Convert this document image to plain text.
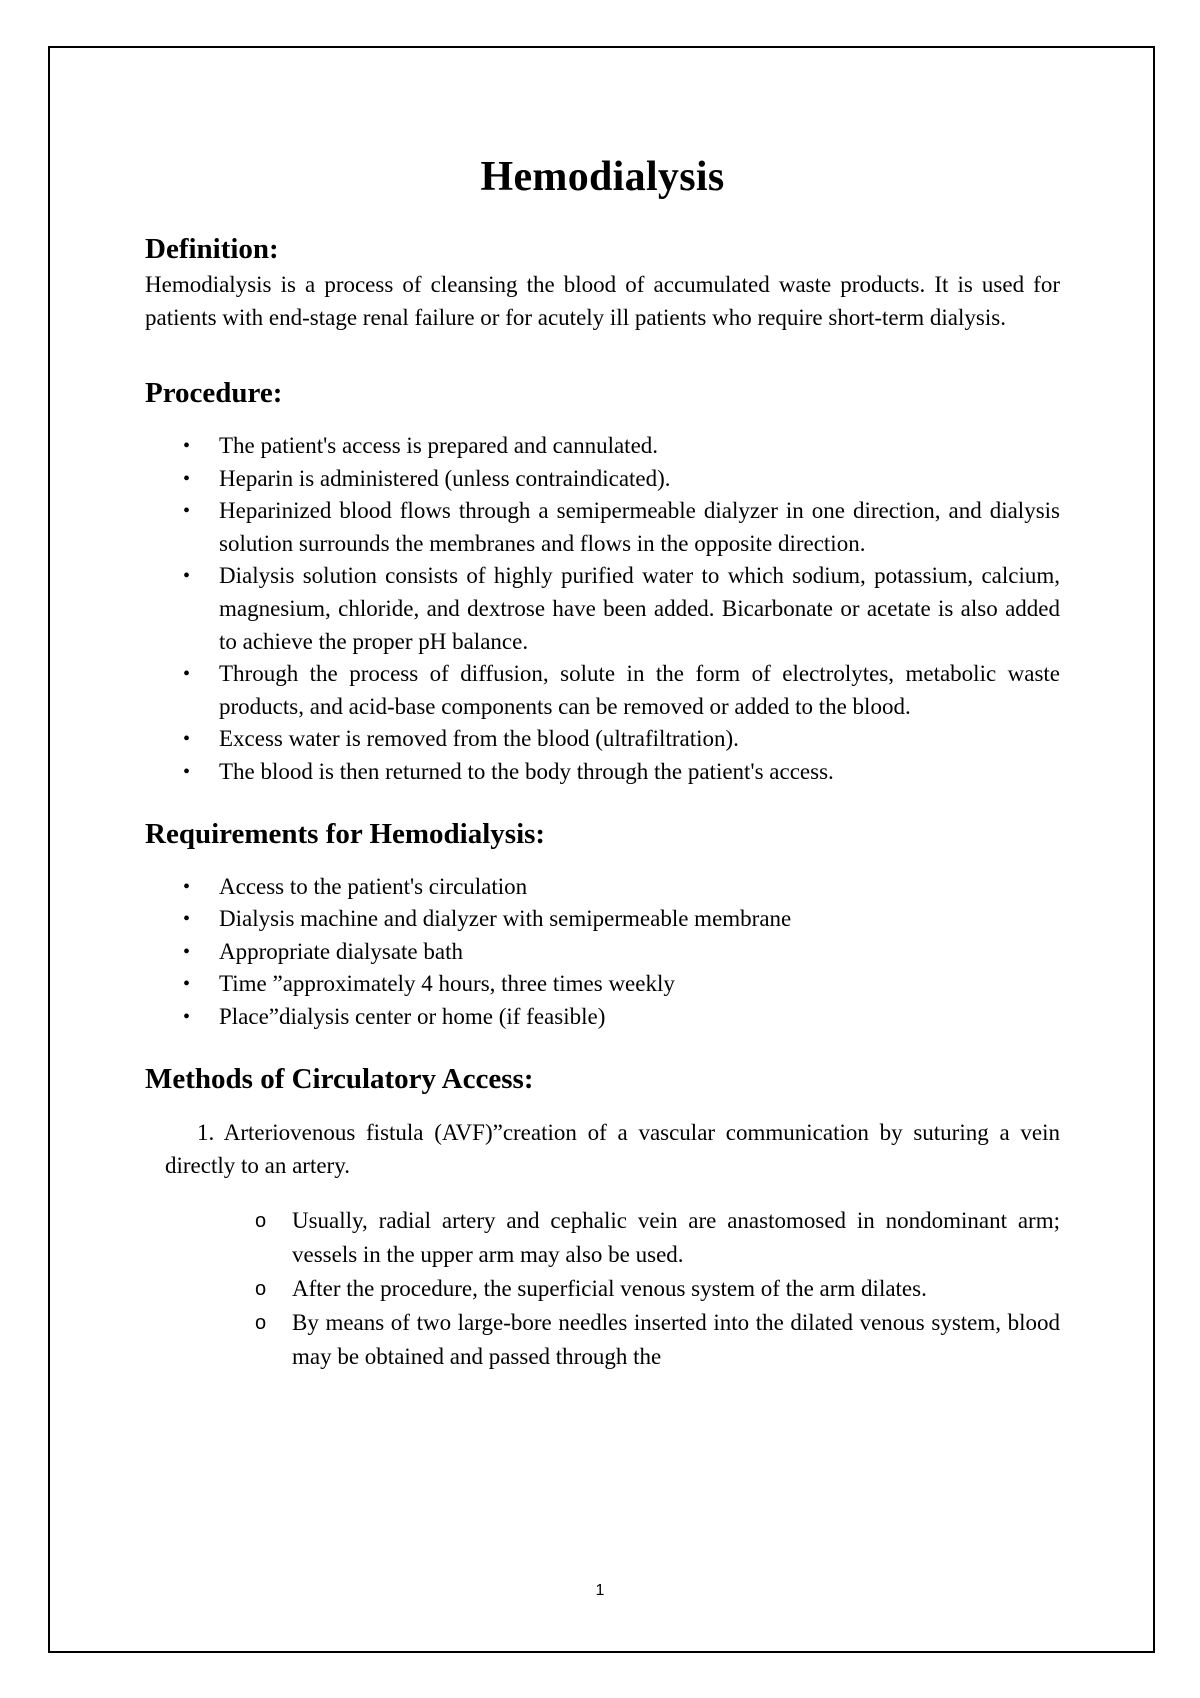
Hemodialysis
Definition:

Hemodialysis is a process of cleansing the blood of accumulated waste products. It is used for patients with end-stage renal failure or for acutely ill patients who require short-term dialysis.

Procedure:
• The patient's access is prepared and cannulated.
• Heparin is administered (unless contraindicated).
• Heparinized blood flows through a semipermeable dialyzer in one direction, and dialysis solution surrounds the membranes and flows in the opposite direction.
• Dialysis solution consists of highly purified water to which sodium, potassium, calcium, magnesium, chloride, and dextrose have been added. Bicarbonate or acetate is also added to achieve the proper pH balance.
• Through the process of diffusion, solute in the form of electrolytes, metabolic waste products, and acid-base components can be removed or added to the blood.
• Excess water is removed from the blood (ultrafiltration).
• The blood is then returned to the body through the patient's access.
Requirements for Hemodialysis:
• Access to the patient's circulation
• Dialysis machine and dialyzer with semipermeable membrane
• Appropriate dialysate bath
• Time ”approximately 4 hours, three times weekly
• Place”dialysis center or home (if feasible)
Methods of Circulatory Access:

1. Arteriovenous fistula (AVF)”creation of a vascular communication by suturing a vein directly to an artery.

o Usually, radial artery and cephalic vein are anastomosed in nondominant arm; vessels in the upper arm may also be used.
o After the procedure, the superficial venous system of the arm dilates.
o By means of two large-bore needles inserted into the dilated venous system, blood may be obtained and passed through the
1
